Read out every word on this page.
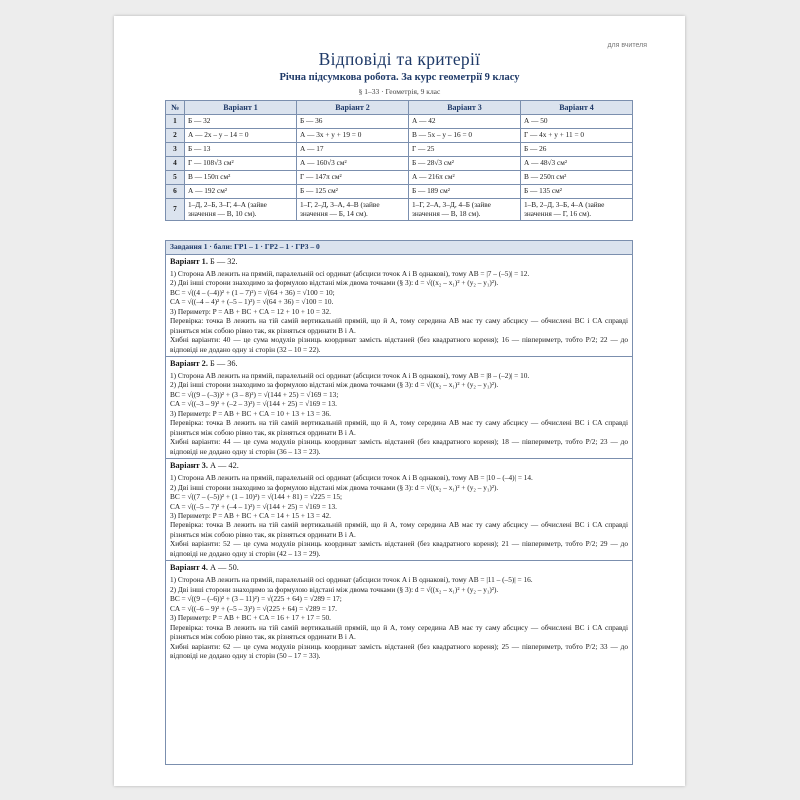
для вчителя
Відповіді та критерії
Річна підсумкова робота. За курс геометрії 9 класу
§ 1–33 · Геометрія, 9 клас
№	Варіант 1	Варіант 2	Варіант 3	Варіант 4
1	Б — 32	Б — 36	А — 42	А — 50
2	А — 2x – y – 14 = 0	А — 3x + y + 19 = 0	В — 5x – y – 16 = 0	Г — 4x + y + 11 = 0
3	Б — 13	А — 17	Г — 25	Б — 26
4	Г — 108√3 см²	А — 160√3 см²	Б — 28√3 см²	А — 48√3 см²
5	В — 150π см²	Г — 147π см²	А — 216π см²	В — 250π см²
6	А — 192 см²	Б — 125 см²	Б — 189 см²	Б — 135 см²
7	1–Д, 2–Б, 3–Г, 4–А (зайве значення — В, 10 см).	1–Г, 2–Д, 3–А, 4–В (зайве значення — Б, 14 см).	1–Г, 2–А, 3–Д, 4–Б (зайве значення — В, 18 см).	1–В, 2–Д, 3–Б, 4–А (зайве значення — Г, 16 см).
Завдання 1 · бали: ГР1 – 1 · ГР2 – 1 · ГР3 – 0
Варіант 1. Б — 32.
1) Сторона AB лежить на прямій, паралельній осі ординат (абсциси точок A і B однакові), тому AB = |7 – (–5)| = 12.
2) Дві інші сторони знаходимо за формулою відстані між двома точками (§ 3): d = √((x₂ – x₁)² + (y₂ – y₁)²).
BC = √((4 – (–4))² + (1 – 7)²) = √(64 + 36) = √100 = 10;
CA = √((–4 – 4)² + (–5 – 1)²) = √(64 + 36) = √100 = 10.
3) Периметр: P = AB + BC + CA = 12 + 10 + 10 = 32.
Перевірка: точка B лежить на тій самій вертикальній прямій, що й A, тому середина AB має ту саму абсцису — обчислені BC і CA справді різняться між собою рівно так, як різняться ординати B і A.
Хибні варіанти: 40 — це сума модулів різниць координат замість відстаней (без квадратного кореня); 16 — півпериметр, тобто P/2; 22 — до відповіді не додано одну зі сторін (32 – 10 = 22).
Варіант 2. Б — 36.
1) Сторона AB лежить на прямій, паралельній осі ординат (абсциси точок A і B однакові), тому AB = |8 – (–2)| = 10.
2) Дві інші сторони знаходимо за формулою відстані між двома точками (§ 3): d = √((x₂ – x₁)² + (y₂ – y₁)²).
BC = √((9 – (–3))² + (3 – 8)²) = √(144 + 25) = √169 = 13;
CA = √((–3 – 9)² + (–2 – 3)²) = √(144 + 25) = √169 = 13.
3) Периметр: P = AB + BC + CA = 10 + 13 + 13 = 36.
Перевірка: точка B лежить на тій самій вертикальній прямій, що й A, тому середина AB має ту саму абсцису — обчислені BC і CA справді різняться між собою рівно так, як різняться ординати B і A.
Хибні варіанти: 44 — це сума модулів різниць координат замість відстаней (без квадратного кореня); 18 — півпериметр, тобто P/2; 23 — до відповіді не додано одну зі сторін (36 – 13 = 23).
Варіант 3. А — 42.
1) Сторона AB лежить на прямій, паралельній осі ординат (абсциси точок A і B однакові), тому AB = |10 – (–4)| = 14.
2) Дві інші сторони знаходимо за формулою відстані між двома точками (§ 3): d = √((x₂ – x₁)² + (y₂ – y₁)²).
BC = √((7 – (–5))² + (1 – 10)²) = √(144 + 81) = √225 = 15;
CA = √((–5 – 7)² + (–4 – 1)²) = √(144 + 25) = √169 = 13.
3) Периметр: P = AB + BC + CA = 14 + 15 + 13 = 42.
Перевірка: точка B лежить на тій самій вертикальній прямій, що й A, тому середина AB має ту саму абсцису — обчислені BC і CA справді різняться між собою рівно так, як різняться ординати B і A.
Хибні варіанти: 52 — це сума модулів різниць координат замість відстаней (без квадратного кореня); 21 — півпериметр, тобто P/2; 29 — до відповіді не додано одну зі сторін (42 – 13 = 29).
Варіант 4. А — 50.
1) Сторона AB лежить на прямій, паралельній осі ординат (абсциси точок A і B однакові), тому AB = |11 – (–5)| = 16.
2) Дві інші сторони знаходимо за формулою відстані між двома точками (§ 3): d = √((x₂ – x₁)² + (y₂ – y₁)²).
BC = √((9 – (–6))² + (3 – 11)²) = √(225 + 64) = √289 = 17;
CA = √((–6 – 9)² + (–5 – 3)²) = √(225 + 64) = √289 = 17.
3) Периметр: P = AB + BC + CA = 16 + 17 + 17 = 50.
Перевірка: точка B лежить на тій самій вертикальній прямій, що й A, тому середина AB має ту саму абсцису — обчислені BC і CA справді різняться між собою рівно так, як різняться ординати B і A.
Хибні варіанти: 62 — це сума модулів різниць координат замість відстаней (без квадратного кореня); 25 — півпериметр, тобто P/2; 33 — до відповіді не додано одну зі сторін (50 – 17 = 33).
